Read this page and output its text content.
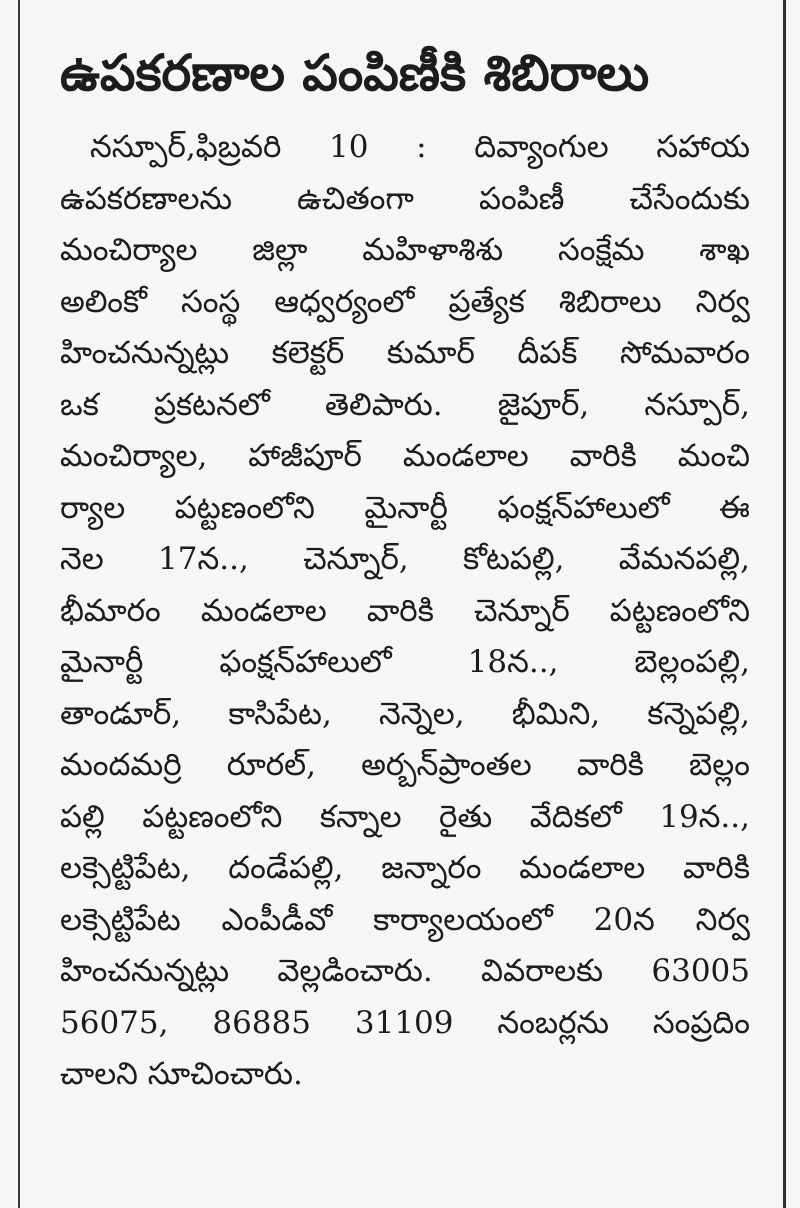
ఉపకరణాల పంపిణీకి శిబిరాలు
నస్పూర్,ఫిబ్రవరి 10 : దివ్యాంగుల సహాయ
ఉపకరణాలను ఉచితంగా పంపిణీ చేసేందుకు
మంచిర్యాల జిల్లా మహిళాశిశు సంక్షేమ శాఖ
అలింకో సంస్థ ఆధ్వర్యంలో ప్రత్యేక శిబిరాలు నిర్వ
హించనున్నట్లు కలెక్టర్ కుమార్ దీపక్ సోమవారం
ఒక ప్రకటనలో తెలిపారు. జైపూర్, నస్పూర్,
మంచిర్యాల, హాజీపూర్ మండలాల వారికి మంచి
ర్యాల పట్టణంలోని మైనార్టీ ఫంక్షన్‌హాలులో ఈ
నెల 17న.., చెన్నూర్, కోటపల్లి, వేమనపల్లి,
భీమారం మండలాల వారికి చెన్నూర్ పట్టణంలోని
మైనార్టీ ఫంక్షన్‌హాలులో 18న.., బెల్లంపల్లి,
తాండూర్, కాసిపేట, నెన్నెల, భీమిని, కన్నెపల్లి,
మందమర్రి రూరల్, అర్బన్‌ప్రాంతల వారికి బెల్లం
పల్లి పట్టణంలోని కన్నాల రైతు వేదికలో 19న..,
లక్సెట్టిపేట, దండేపల్లి, జన్నారం మండలాల వారికి
లక్సెట్టిపేట ఎంపీడీవో కార్యాలయంలో 20న నిర్వ
హించనున్నట్లు వెల్లడించారు. వివరాలకు 63005
56075, 86885 31109 నంబర్లను సంప్రదిం
చాలని సూచించారు.
